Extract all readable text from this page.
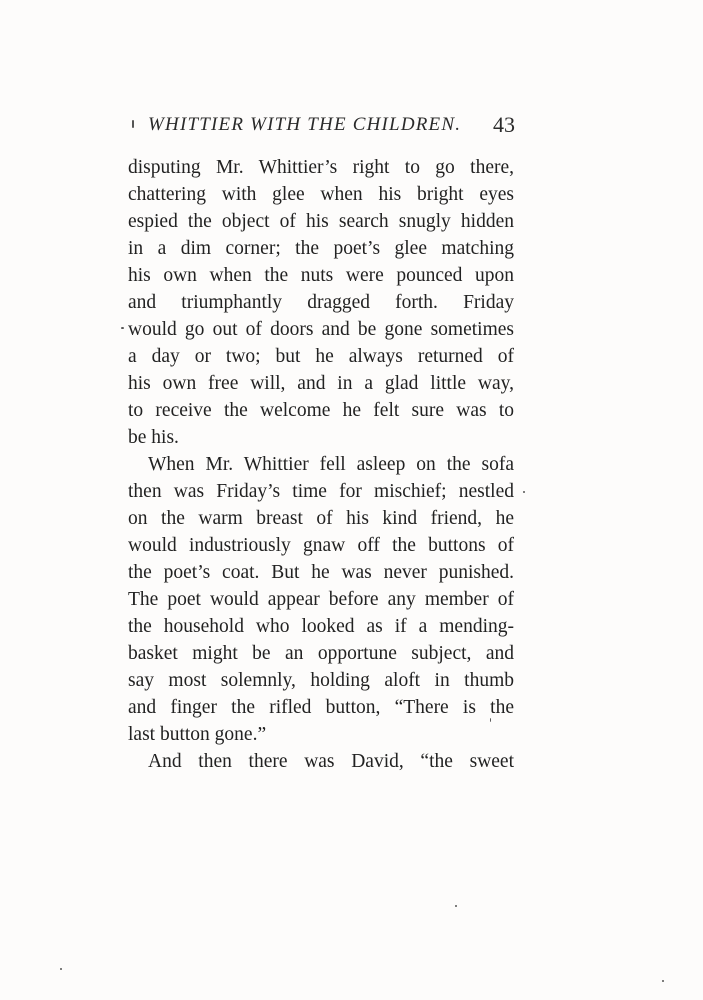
WHITTIER WITH THE CHILDREN. 43
disputing Mr. Whittier’s right to go there,
chattering with glee when his bright eyes
espied the object of his search snugly hidden
in a dim corner; the poet’s glee matching
his own when the nuts were pounced upon
and triumphantly dragged forth. Friday
would go out of doors and be gone sometimes
a day or two; but he always returned of
his own free will, and in a glad little way,
to receive the welcome he felt sure was to
be his.
When Mr. Whittier fell asleep on the sofa
then was Friday’s time for mischief; nestled
on the warm breast of his kind friend, he
would industriously gnaw off the buttons of
the poet’s coat. But he was never punished.
The poet would appear before any member of
the household who looked as if a mending-
basket might be an opportune subject, and
say most solemnly, holding aloft in thumb
and finger the rifled button, “There is the
last button gone.”
And then there was David, “the sweet
